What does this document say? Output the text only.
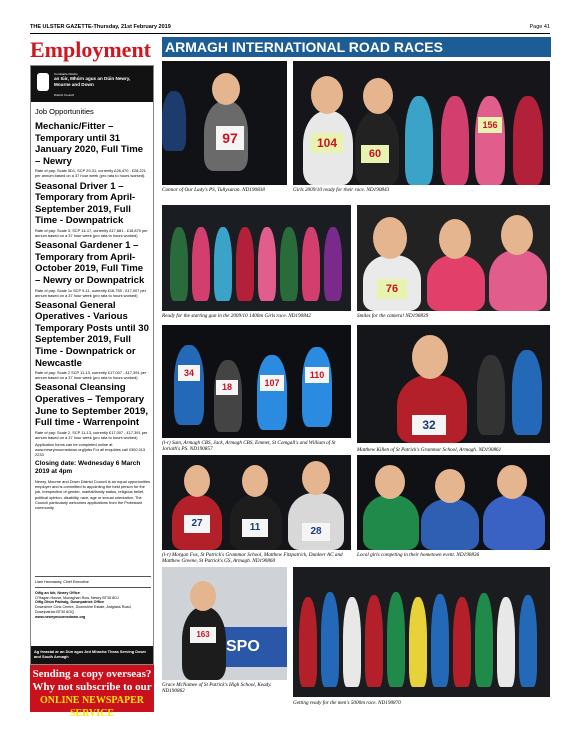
THE ULSTER GAZETTE-Thursday, 21st February 2019	Page 41
Employment
Comhairle Dúiche
an Iúir, Mhúrn agus an Dúin Newry, Mourne and Down
District Council
Job Opportunities
Mechanic/Fitter – Temporary until 31 January 2020, Full Time – Newry
Rate of pay: Scale 5D1, SCP 29-31, currently £26,470 - £28,221 per annum based on a 37 hour week (pro rata to hours worked).
Seasonal Driver 1 – Temporary from April-September 2019, Full Time - Downpatrick
Rate of pay: Scale 3, SCP 14-17, currently £17,681 - £18,870 per annum based on a 37 hour week (pro rata to hours worked)
Seasonal Gardener 1 – Temporary from April-October 2019, Full Time – Newry or Downpatrick
Rate of pay: Scale 1c SCP 9-11, currently £16,755 - £17,007 per annum based on a 37 hour week (pro rata to hours worked)
Seasonal General Operatives - Various Temporary Posts until 30 September 2019, Full Time - Downpatrick or Newcastle
Rate of pay: Scale 2 SCP 11-13, currently £17,007 - £17,391 per annum based on a 37 hour week (pro rata to hours worked)
Seasonal Cleansing Operatives – Temporary June to September 2019, Full time - Warrenpoint
Rate of pay: Scale 2, SCP 11-13, currently £17,007 - £17,391 per annum based on a 37 hour week (pro rata to hours worked)
Application forms can be completed online at www.newrymournedown.org/jobs For all enquiries call 0300 013 2233
Closing date: Wednesday 6 March 2019 at 4pm
Newry, Mourne and Down District Council is an equal opportunities employer and is committed to appointing the best person for the job, irrespective of gender, marital/family status, religious belief, political opinion, disability, race, age or sexual orientation. The Council particularly welcomes applications from the Protestant community.
Liam Hannaway, Chief Executive
Oifig an Iúir, Newry Office
O'Hagan House, Monaghan Row, Newry BT35 8DJ
Oifig Dhún Pádraig, Downpatrick Office
Downshire Civic Centre, Downshire Estate, Ardglass Road, Downpatrick BT30 6GQ
www.newrymournedown.org
Ag freastal ar an Dún agus Ard Mhacha Theas Serving Down and South Armagh
Sending a copy overseas?
Why not subscribe to our
ONLINE NEWSPAPER SERVICE
ARMAGH INTERNATIONAL ROAD RACES
97
Connor of Our Lady's PS, Tullysaran. ND190838
104
60
156
Girls 2009/10 ready for their race. ND190843
Ready for the starting gun in the 2009/10 1400m Girls race. ND190842
76
Smiles for the camera! ND190839
34
18	107
110
(l-r) Sam, Armagh CBS, Jack, Armagh CBS, Emmet, St Comgall's and William of St Joriath's PS. ND190857
32
Matthew Killen of St Patrick's Grammar School, Armagh. ND190861
27	11	28
(l-r) Morgan Fox, St Patrick's Grammar School, Matthew Fitzpatrick, Dunleer AC and Matthew Greene, St Patrick's GS, Armagh. ND190860
Local girls competing in their hometown event. ND190836
SPO
163
Grace McNamee of St Patrick's High School, Keady. ND190862
Getting ready for the men's 5000m race. ND190870
